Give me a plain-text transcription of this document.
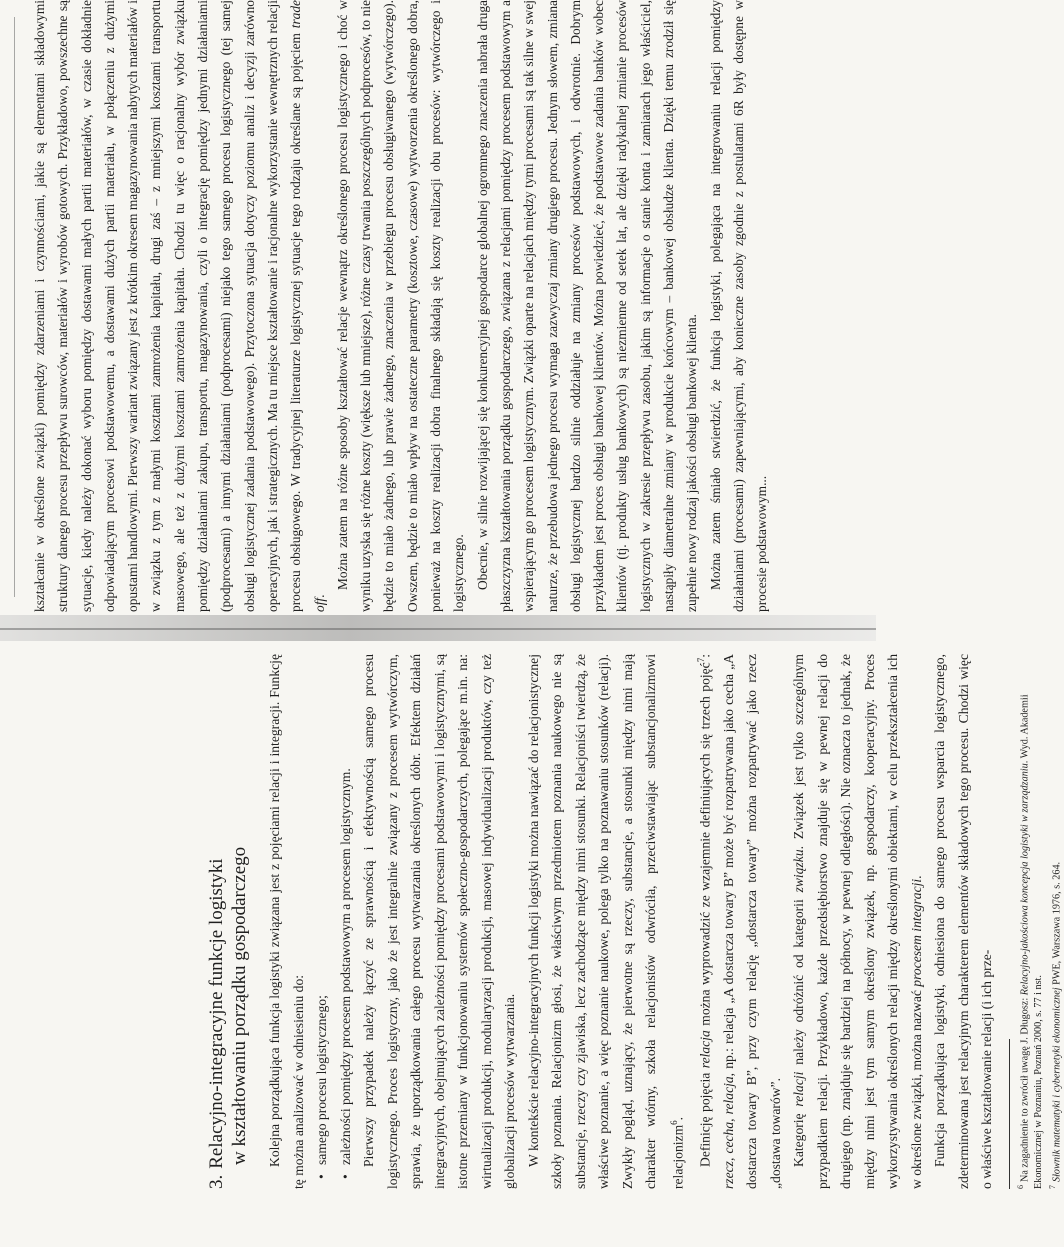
3.Relacyjno-integracyjne funkcje logistyki w kształtowaniu porządku gospodarczego Kolejna porządkująca funkcja logistyki związana jest z pojęciami relacji i integracji. Funkcję tę można analizować w odniesieniu do: • samego procesu logistycznego; • zależności pomiędzy procesem podstawowym a procesem logistycznym. Pierwszy przypadek należy łączyć ze sprawnością i efektywnością samego procesu logistycznego. Proces logistyczny, jako że jest integralnie związany z procesem wytwórczym, sprawia, że uporządkowania całego procesu wytwarzania określonych dóbr. Efektem działań integracyjnych, obejmujących zależności pomiędzy procesami podstawowymi i logistycznymi, są istotne przemiany w funkcjonowaniu systemów społeczno-gospodarczych, polegające m.in. na: wirtualizacji produkcji, modularyzacji produkcji, masowej indywidualizacji produktów, czy też globalizacji procesów wytwarzania. W kontekście relacyjno-integracyjnych funkcji logistyki można nawiązać do relacjonistycznej szkoły poznania. Relacjonizm głosi, że właściwym przedmiotem poznania naukowego nie są substancje, rzeczy czy zjawiska, lecz zachodzące między nimi stosunki. Relacjoniści twierdzą, że właściwe poznanie, a więc poznanie naukowe, polega tylko na poznawaniu stosunków (relacji). Zwykły pogląd, uznający, że pierwotne są rzeczy, substancje, a stosunki między nimi mają charakter wtórny, szkoła relacjonistów odwróciła, przeciwstawiając substancjonalizmowi relacjonizm$^6$. Definicję pojęcia relacja można wyprowadzić ze wzajemnie definiujących się trzech pojęć$^7$: rzecz, cecha, relacja, np.: relacja „A dostarcza towary B” może być rozpatrywana jako cecha „A dostarcza towary B”, przy czym relację „dostarcza towary” można rozpatrywać jako rzecz „dostawa towarów”. Kategorię relacji należy odróżnić od kategorii związku. Związek jest tylko szczególnym przypadkiem relacji. Przykładowo, każde przedsiębiorstwo znajduje się w pewnej relacji do drugiego (np. znajduje się bardziej na północy, w pewnej odległości). Nie oznacza to jednak, że między nimi jest tym samym określony związek, np. gospodarczy, kooperacyjny. Proces wykorzystywania określonych relacji między określonymi obiektami, w celu przekształcenia ich w określone związki, można nazwać procesem integracji. Funkcja porządkująca logistyki, odniesiona do samego procesu wsparcia logistycznego, zdeterminowana jest relacyjnym charakterem elementów składowych tego procesu. Chodzi więc o właściwe kształtowanie relacji (i ich prze-	$^6$Na zagadnienie to zwrócił uwagę J. Długosz: Relacyjno-jakościowa koncepcja logistyki w zarządzaniu. Wyd. Akademii Ekonomicznej w Poznaniu, Poznań 2000, s. 77 i nst. $^7$Słownik matematyki i cybernetyki ekonomicznej PWE, Warszawa 1976, s. 264.

kształcanie w określone związki) pomiędzy zdarzeniami i czynnościami, jakie są elementami składowymi struktury danego procesu przepływu surowców, materiałów i wyrobów gotowych. Przykładowo, powszechne są sytuacje, kiedy należy dokonać wyboru pomiędzy dostawami małych partii materiałów, w czasie dokładnie odpowiadającym procesowi podstawowemu, a dostawami dużych partii materiału, w połączeniu z dużymi opustami handlowymi. Pierwszy wariant związany jest z krótkim okresem magazynowania nabytych materiałów i w związku z tym z małymi kosztami zamrożenia kapitału, drugi zaś – z mniejszymi kosztami transportu masowego, ale też z dużymi kosztami zamrożenia kapitału. Chodzi tu więc o racjonalny wybór związku pomiędzy działaniami zakupu, transportu, magazynowania, czyli o integrację pomiędzy jednymi działaniami (podprocesami) a innymi działaniami (podprocesami) niejako tego samego procesu logistycznego (tej samej obsługi logistycznej zadania podstawowego). Przytoczona sytuacja dotyczy poziomu analiz i decyzji zarówno operacyjnych, jak i strategicznych. Ma tu miejsce kształtowanie i racjonalne wykorzystanie wewnętrznych relacji procesu obsługowego. W tradycyjnej literaturze logistycznej sytuacje tego rodzaju określane są pojęciem trade off.

Można zatem na różne sposoby kształtować relacje wewnątrz określonego procesu logistycznego i choć w wyniku uzyska się różne koszty (większe lub mniejsze), różne czasy trwania poszczególnych podprocesów, to nie będzie to miało żadnego, lub prawie żadnego, znaczenia w przebiegu procesu obsługiwanego (wytwórczego). Owszem, będzie to miało wpływ na ostateczne parametry (kosztowe, czasowe) wytworzenia określonego dobra, ponieważ na koszty realizacji dobra finalnego składają się koszty realizacji obu procesów: wytwórczego i logistycznego. Obecnie, w silnie rozwijającej się konkurencyjnej gospodarce globalnej ogromnego znaczenia nabrała druga płaszczyzna kształtowania porządku gospodarczego, związana z relacjami pomiędzy procesem podstawowym a wspierającym go procesem logistycznym. Związki oparte na relacjach między tymi procesami są tak silne w swej naturze, że przebudowa jednego procesu wymaga zazwyczaj zmiany drugiego procesu. Jednym słowem, zmiana obsługi logistycznej bardzo silnie oddziałuje na zmiany procesów podstawowych, i odwrotnie. Dobrym przykładem jest proces obsługi bankowej klientów. Można powiedzieć, że podstawowe zadania banków wobec klientów (tj. produkty usług bankowych) są niezmienne od setek lat, ale dzięki radykalnej zmianie procesów logistycznych w zakresie przepływu zasobu, jakim są informacje o stanie konta i zamiarach jego właściciel, nastąpiły diametralne zmiany w produkcie końcowym – bankowej obsłudze klienta. Dzięki temu zrodził się zupełnie nowy rodzaj jakości obsługi bankowej klienta. Można zatem śmiało stwierdzić, że funkcja logistyki, polegająca na integrowaniu relacji pomiędzy działaniami (procesami) zapewniającymi, aby konieczne zasoby zgodnie z postulatami 6R były dostępne w procesie podstawowym...
